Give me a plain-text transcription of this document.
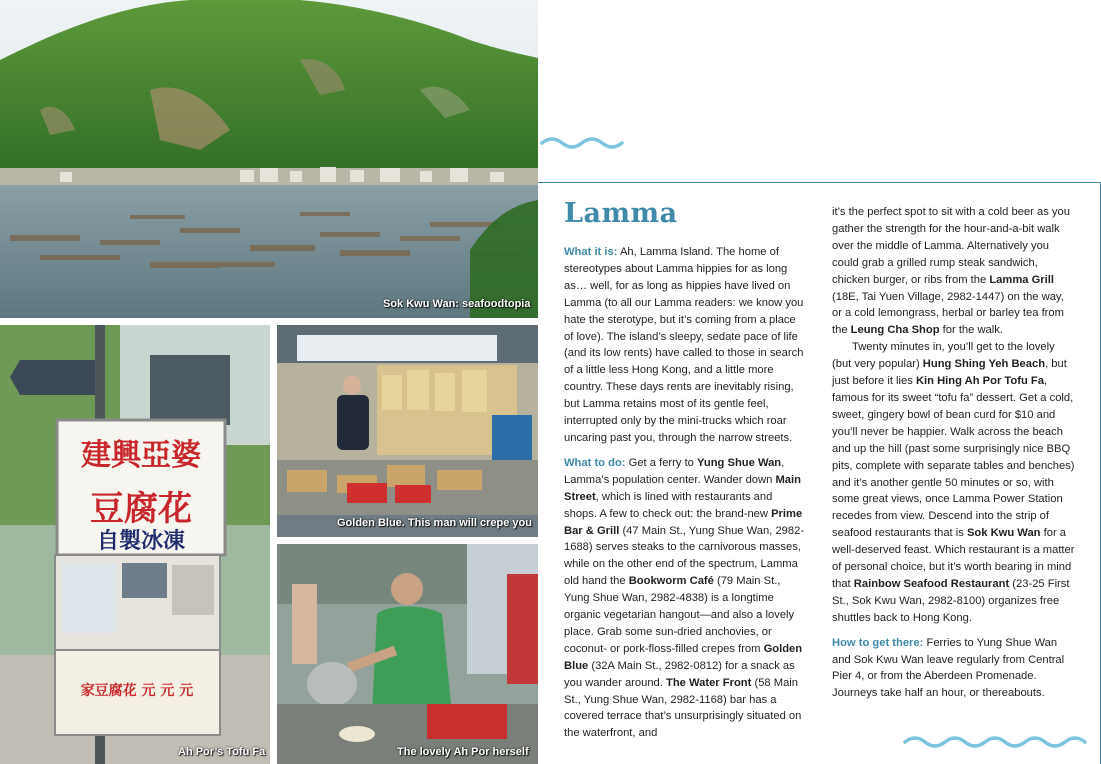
Sok Kwu Wan: seafoodtopia
建興亞婆
豆腐花
自製冰凍
家豆腐花 元 元 元
Ah Por’s Tofu Fa
Golden Blue. This man will crepe you
The lovely Ah Por herself
Lamma

What it is: Ah, Lamma Island. The home of stereotypes about Lamma hippies for as long as… well, for as long as hippies have lived on Lamma (to all our Lamma readers: we know you hate the sterotype, but it’s coming from a place of love). The island’s sleepy, sedate pace of life (and its low rents) have called to those in search of a little less Hong Kong, and a little more country. These days rents are inevitably rising, but Lamma retains most of its gentle feel, interrupted only by the mini-trucks which roar uncaring past you, through the narrow streets.

What to do: Get a ferry to Yung Shue Wan, Lamma’s population center. Wander down Main Street, which is lined with restaurants and shops. A few to check out: the brand-new Prime Bar & Grill (47 Main St., Yung Shue Wan, 2982-1688) serves steaks to the carnivorous masses, while on the other end of the spectrum, Lamma old hand the Bookworm Café (79 Main St., Yung Shue Wan, 2982-4838) is a longtime organic vegetarian hangout—and also a lovely place. Grab some sun-dried anchovies, or coconut- or pork-floss-filled crepes from Golden Blue (32A Main St., 2982-0812) for a snack as you wander around. The Water Front (58 Main St., Yung Shue Wan, 2982-1168) bar has a covered terrace that’s unsurprisingly situated on the waterfront, and

it’s the perfect spot to sit with a cold beer as you gather the strength for the hour-and-a-bit walk over the middle of Lamma. Alternatively you could grab a grilled rump steak sandwich, chicken burger, or ribs from the Lamma Grill (18E, Tai Yuen Village, 2982-1447) on the way, or a cold lemongrass, herbal or barley tea from the Leung Cha Shop for the walk.

Twenty minutes in, you’ll get to the lovely (but very popular) Hung Shing Yeh Beach, but just before it lies Kin Hing Ah Por Tofu Fa, famous for its sweet “tofu fa” dessert. Get a cold, sweet, gingery bowl of bean curd for $10 and you’ll never be happier. Walk across the beach and up the hill (past some surprisingly nice BBQ pits, complete with separate tables and benches) and it’s another gentle 50 minutes or so, with some great views, once Lamma Power Station recedes from view. Descend into the strip of seafood restaurants that is Sok Kwu Wan for a well-deserved feast. Which restaurant is a matter of personal choice, but it’s worth bearing in mind that Rainbow Seafood Restaurant (23-25 First St., Sok Kwu Wan, 2982-8100) organizes free shuttles back to Hong Kong.

How to get there: Ferries to Yung Shue Wan and Sok Kwu Wan leave regularly from Central Pier 4, or from the Aberdeen Promenade. Journeys take half an hour, or thereabouts.
